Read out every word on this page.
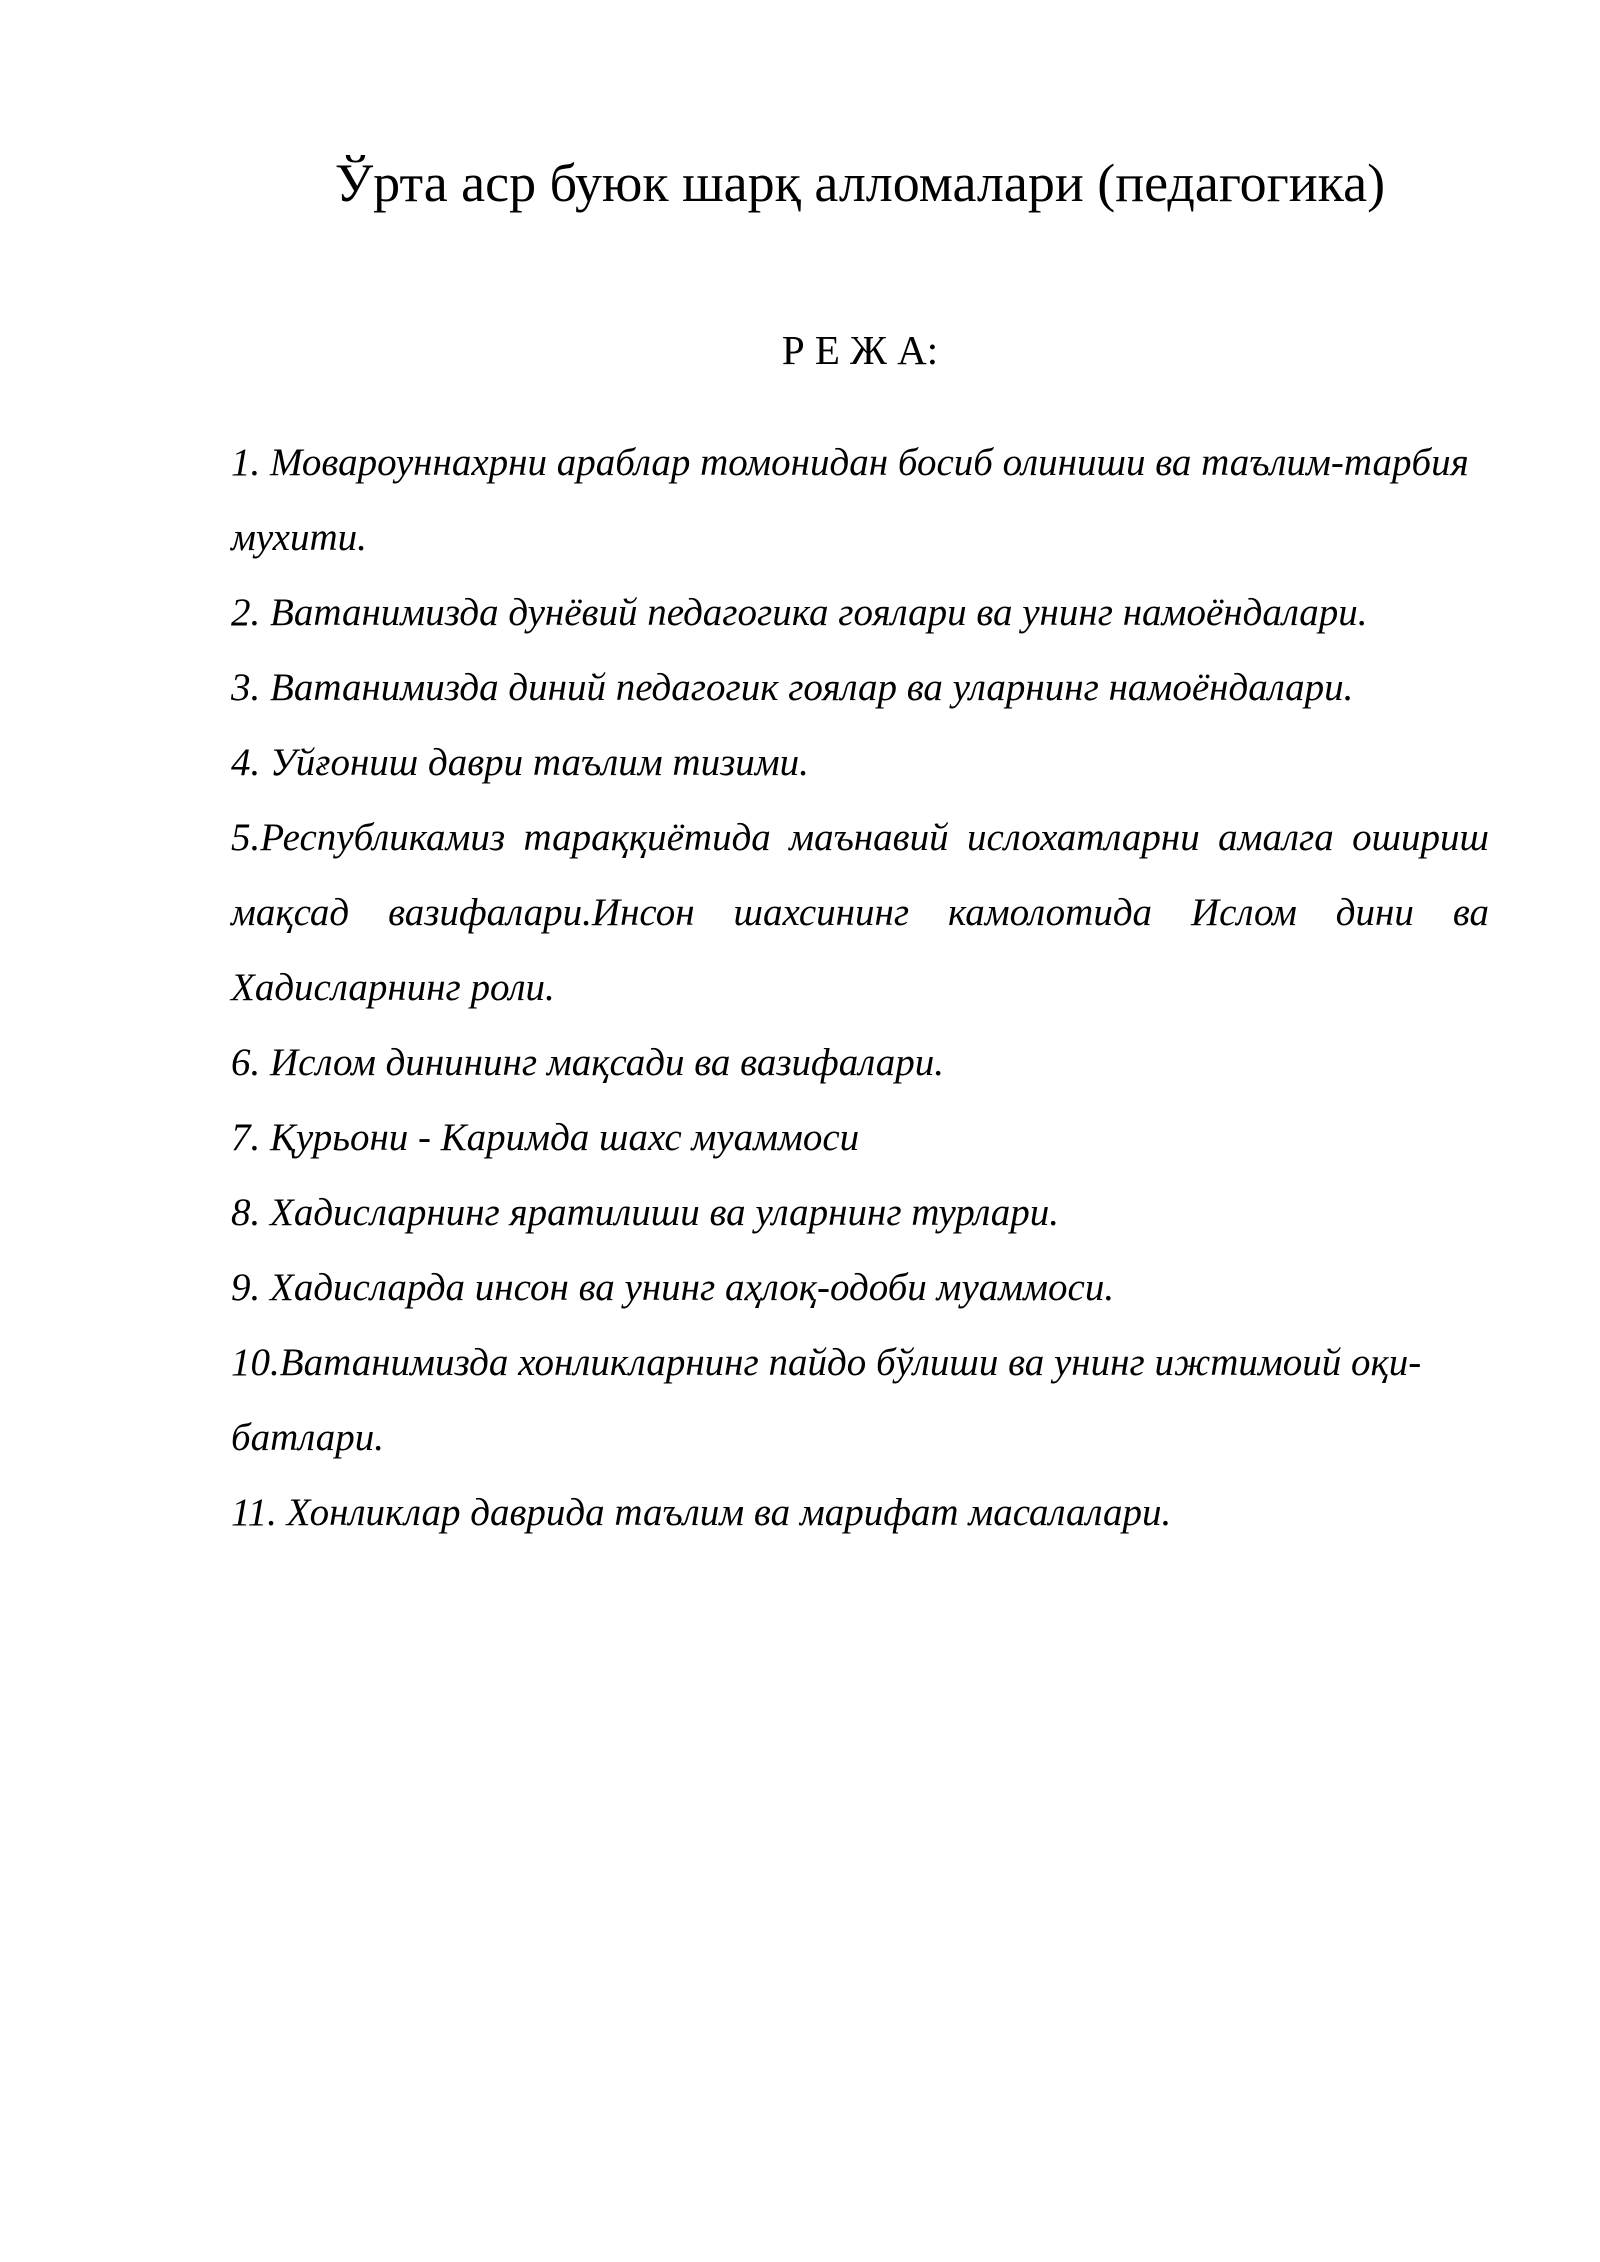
Ўрта аср буюк шарқ алломалари (педагогика)
Р Е Ж А:

1. Мовароуннахрни араблар томонидан босиб олиниши ва таълим-тарбия мухити.

2. Ватанимизда дунёвий педагогика гоялари ва унинг намоёндалари.

3. Ватанимизда диний педагогик гоялар ва уларнинг намоёндалари.

4. Уйғониш даври таълим тизими.

5.Республикамиз тараққиётида маънавий ислохатларни амалга ошириш мақсад вазифалари.Инсон шахсининг камолотида Ислом дини ва Хадисларнинг роли.

6. Ислом динининг мақсади ва вазифалари.

7. Қурьони - Каримда шахс муаммоси

8. Хадисларнинг яратилиши ва уларнинг турлари.

9. Хадисларда инсон ва унинг аҳлоқ-одоби муаммоси.

10.Ватанимизда хонликларнинг пайдо бўлиши ва унинг ижтимоий оқи-

батлари.

11. Хонликлар даврида таълим ва марифат масалалари.
